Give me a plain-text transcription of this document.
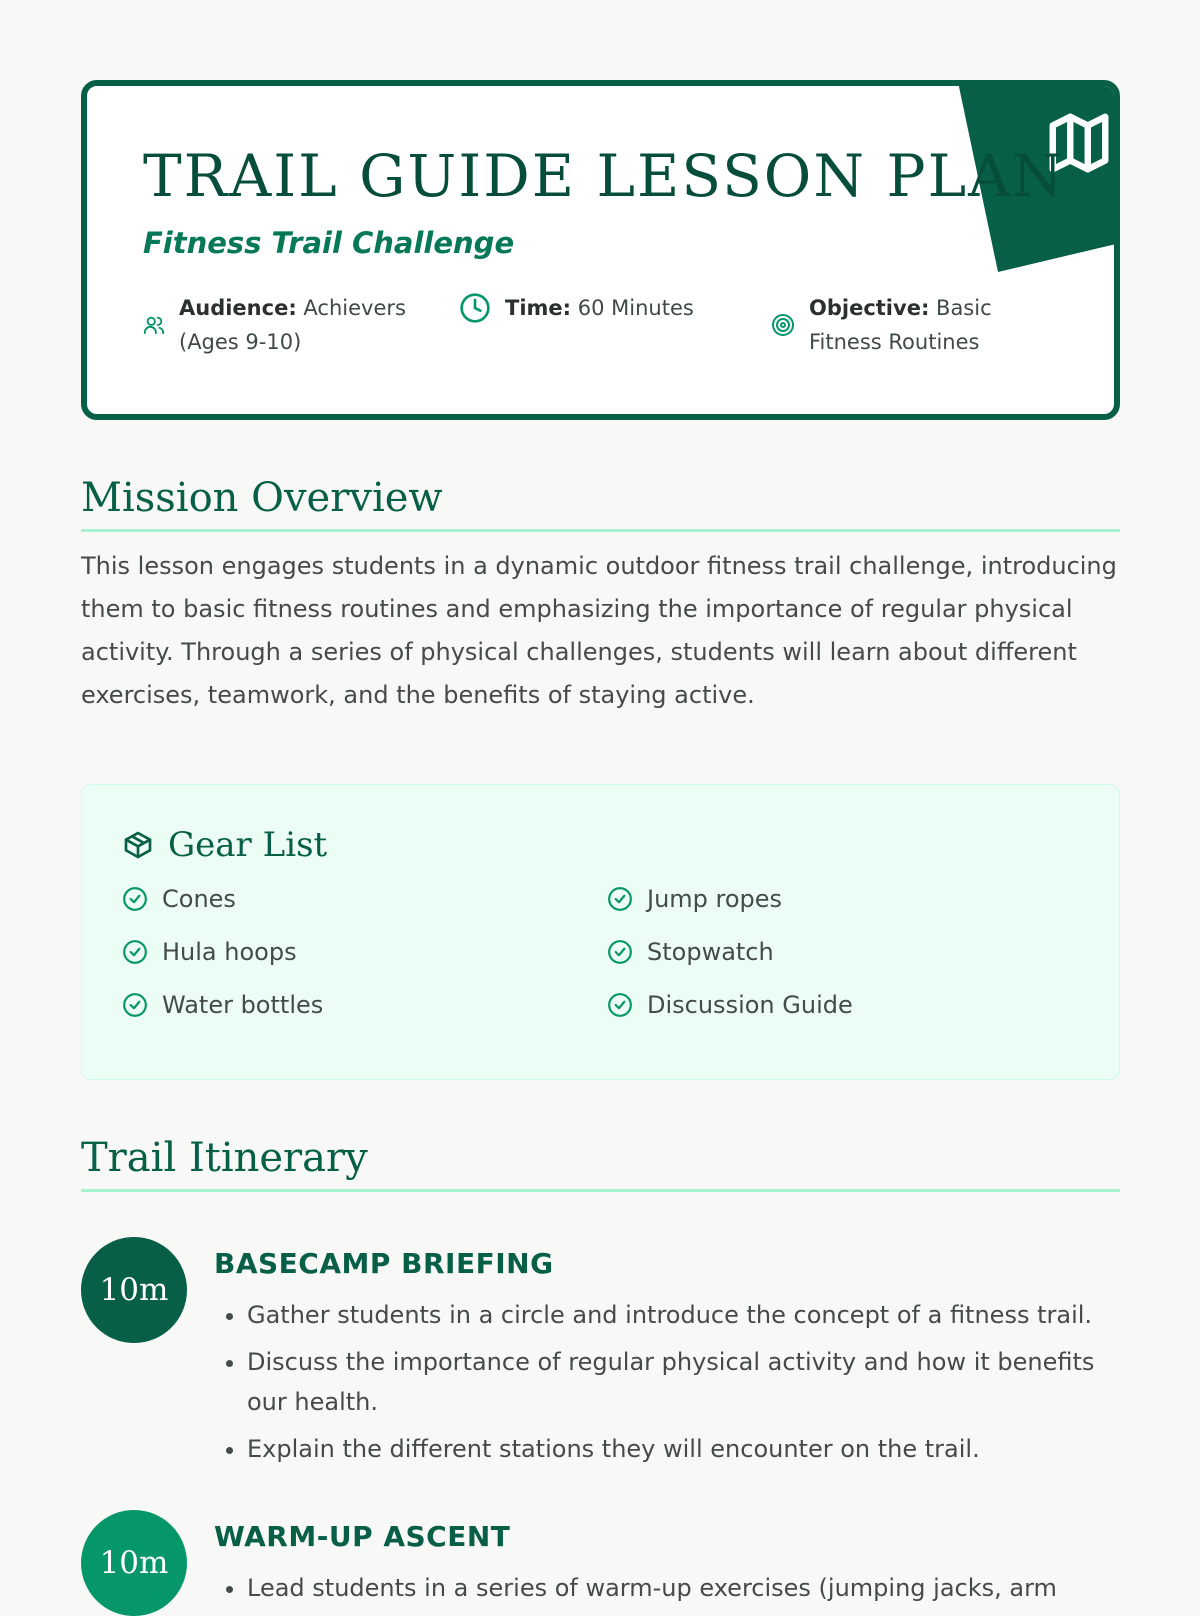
TRAIL GUIDE LESSON PLAN

Fitness Trail Challenge

Audience: Achievers (Ages 9-10)
Time: 60 Minutes	Objective: Basic Fitness Routines
Mission Overview

This lesson engages students in a dynamic outdoor fitness trail challenge, introducing them to basic fitness routines and emphasizing the importance of regular physical activity. Through a series of physical challenges, students will learn about different exercises, teamwork, and the benefits of staying active.

Gear List
Cones	Jump ropes
Hula hoops	Stopwatch
Water bottles	Discussion Guide
Trail Itinerary
10m
BASECAMP BRIEFING
• Gather students in a circle and introduce the concept of a fitness trail.
• Discuss the importance of regular physical activity and how it benefits our health.
• Explain the different stations they will encounter on the trail.
10m
WARM-UP ASCENT
• Lead students in a series of warm-up exercises (jumping jacks, arm
